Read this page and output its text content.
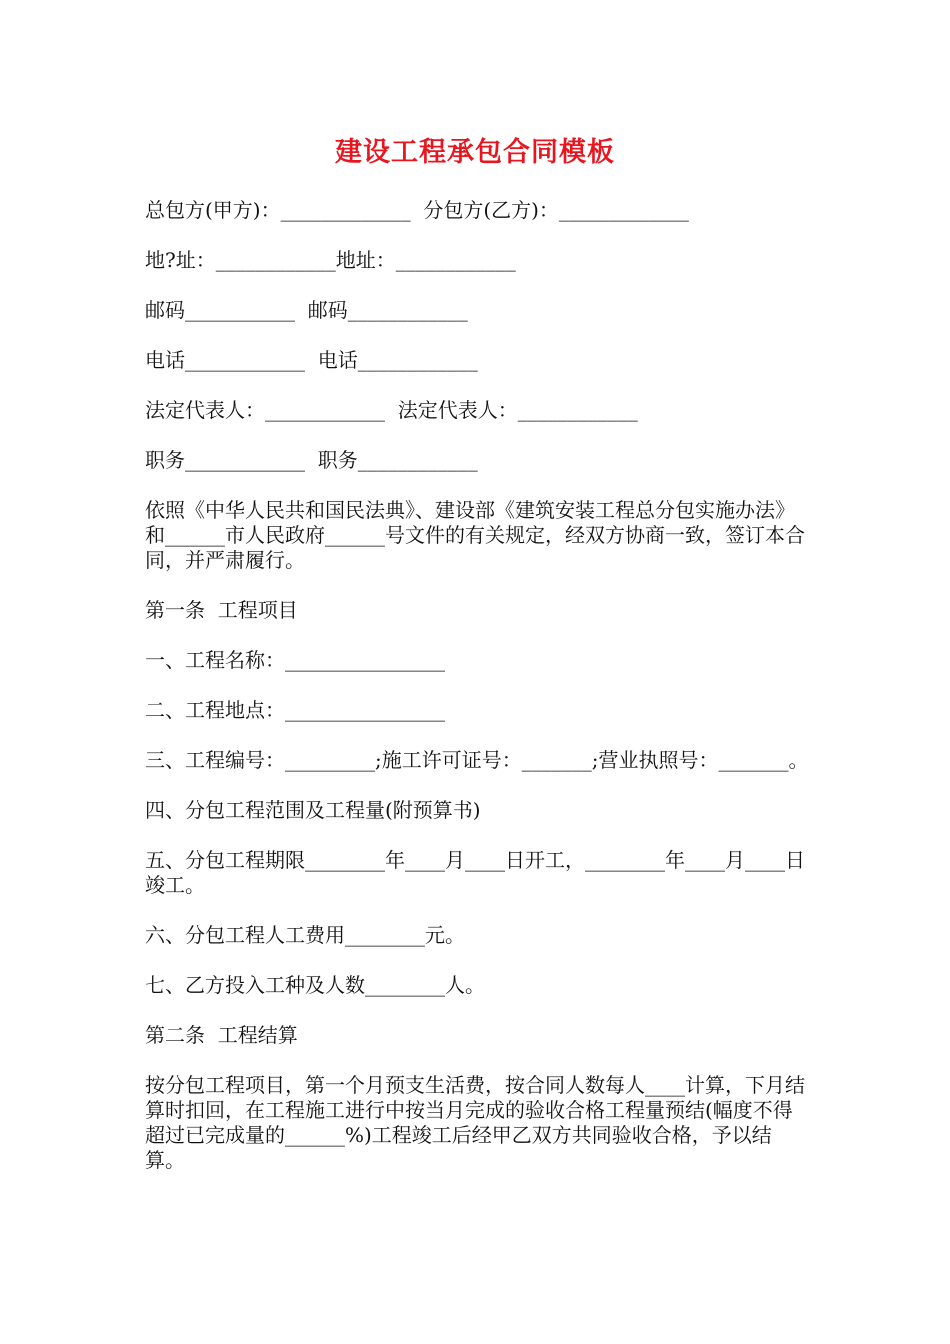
建设工程承包合同模板

总包方(甲方)：_____________  分包方(乙方)：_____________

地?址：____________地址：____________

邮码___________  邮码____________

电话____________  电话____________

法定代表人：____________  法定代表人：____________

职务____________  职务____________

依照《中华人民共和国民法典》、建设部《建筑安装工程总分包实施办法》和______市人民政府______号文件的有关规定，经双方协商一致，签订本合同，并严肃履行。

第一条  工程项目

一、工程名称：________________

二、工程地点：________________

三、工程编号：_________;施工许可证号：_______;营业执照号：_______。

四、分包工程范围及工程量(附预算书)

五、分包工程期限________年____月____日开工，________年____月____日竣工。

六、分包工程人工费用________元。

七、乙方投入工种及人数________人。

第二条  工程结算

按分包工程项目，第一个月预支生活费，按合同人数每人____计算，下月结算时扣回，在工程施工进行中按当月完成的验收合格工程量预结(幅度不得超过已完成量的______%)工程竣工后经甲乙双方共同验收合格，予以结算。
